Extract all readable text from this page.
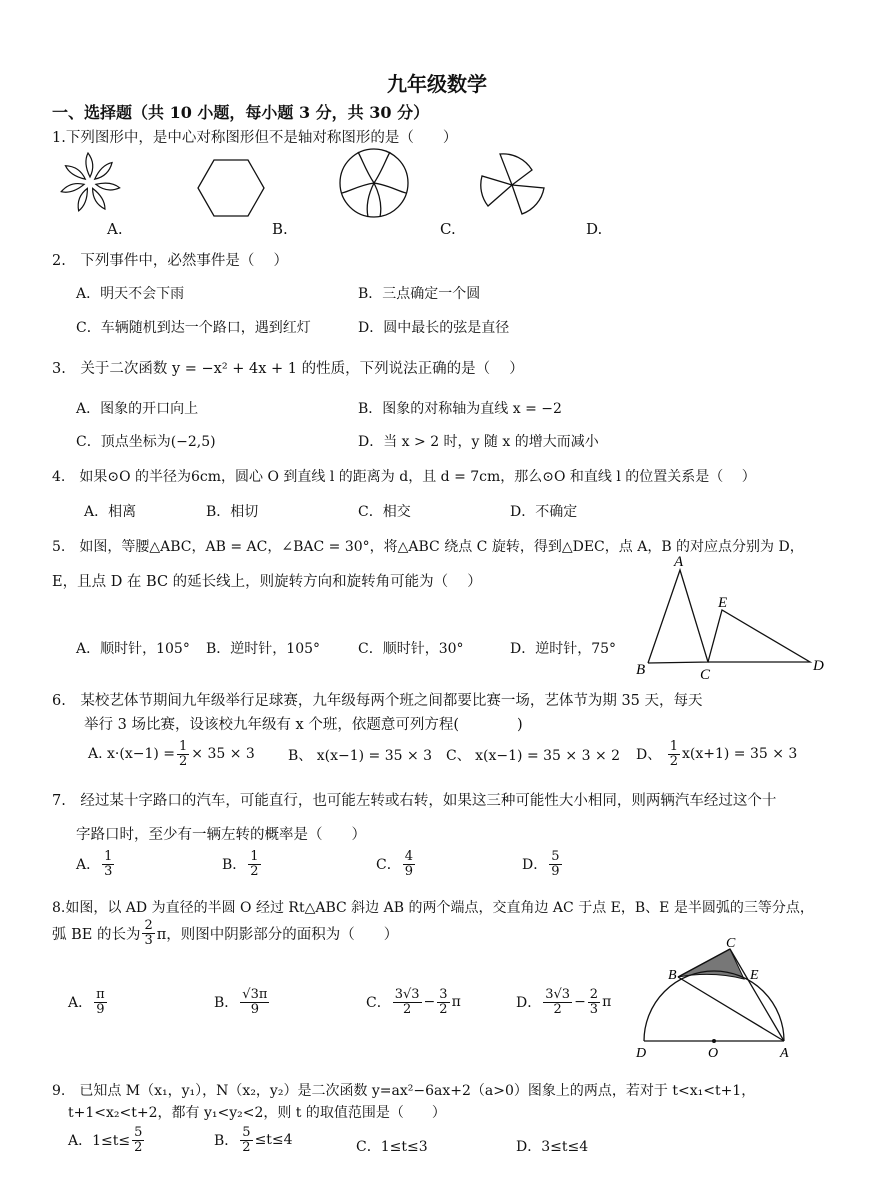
九年级数学
一、选择题（共 10 小题，每小题 3 分，共 30 分）
1.下列图形中，是中心对称图形但不是轴对称图形的是（　　）
A.	B.	C.	D.
2.　下列事件中，必然事件是（　 ）
A．明天不会下雨	B．三点确定一个圆
C．车辆随机到达一个路口，遇到红灯	D．圆中最长的弦是直径
3.　关于二次函数 y = −x² + 4x + 1 的性质，下列说法正确的是（　 ）
A．图象的开口向上	B．图象的对称轴为直线 x = −2
C．顶点坐标为(−2,5)	D．当 x > 2 时，y 随 x 的增大而减小
4.　如果⊙O 的半径为6cm，圆心 O 到直线 l 的距离为 d，且 d = 7cm，那么⊙O 和直线 l 的位置关系是（　 ）
A．相离	B．相切	C．相交	D．不确定
5.　如图，等腰△ABC，AB = AC，∠BAC = 30°，将△ABC 绕点 C 旋转，得到△DEC，点 A，B 的对应点分别为 D，
E，且点 D 在 BC 的延长线上，则旋转方向和旋转角可能为（　 ）
A．顺时针，105° B．逆时针，105°	C．顺时针，30°	D．逆时针，75°
A
E
B	C
D
6.　某校艺体节期间九年级举行足球赛，九年级每两个班之间都要比赛一场，艺体节为期 35 天，每天
举行 3 场比赛，设该校九年级有 x 个班，依题意可列方程(　　　　)
A.
$x\cdot(x-1) = \frac{1}{2} \times 35 \times 3$ B、 x(x−1) = 35 × 3 C、 x(x−1) = 35 × 3 × 2 D、
$\frac{1}{2} x(x+1) = 35 \times 3$
7.　经过某十字路口的汽车，可能直行，也可能左转或右转，如果这三种可能性大小相同，则两辆汽车经过这个十
字路口时，至少有一辆左转的概率是（　　）
A． $\frac{1}{3}$	B． $\frac{1}{2}$	C． $\frac{4}{9}$	D． $\frac{5}{9}$
8.如图，以 AD 为直径的半圆 O 经过 Rt△ABC 斜边 AB 的两个端点，交直角边 AC 于点 E，B、E 是半圆弧的三等分点，
弧 BE 的长为 $\frac{2}{3}$ π，则图中阴影部分的面积为（　　）
A． $\frac{\pi}{9}$	B． $\frac{√3\pi}{9}$	C． $\frac{3√3}{2} - \frac{3}{2}$ π	D． $\frac{3√3}{2} - \frac{2}{3}$ π
C
B	E
D	O	A
9.　已知点 M（x₁，y₁），N（x₂，y₂）是二次函数 y=ax²−6ax+2（a>0）图象上的两点，若对于 t<x₁<t+1，
t+1<x₂<t+2，都有 y₁<y₂<2，则 t 的取值范围是（　　）
A．$1\le t\le \frac{5}{2}$	B． $\frac{5}{2} \le t\le 4$	C．1≤t≤3	D．3≤t≤4
